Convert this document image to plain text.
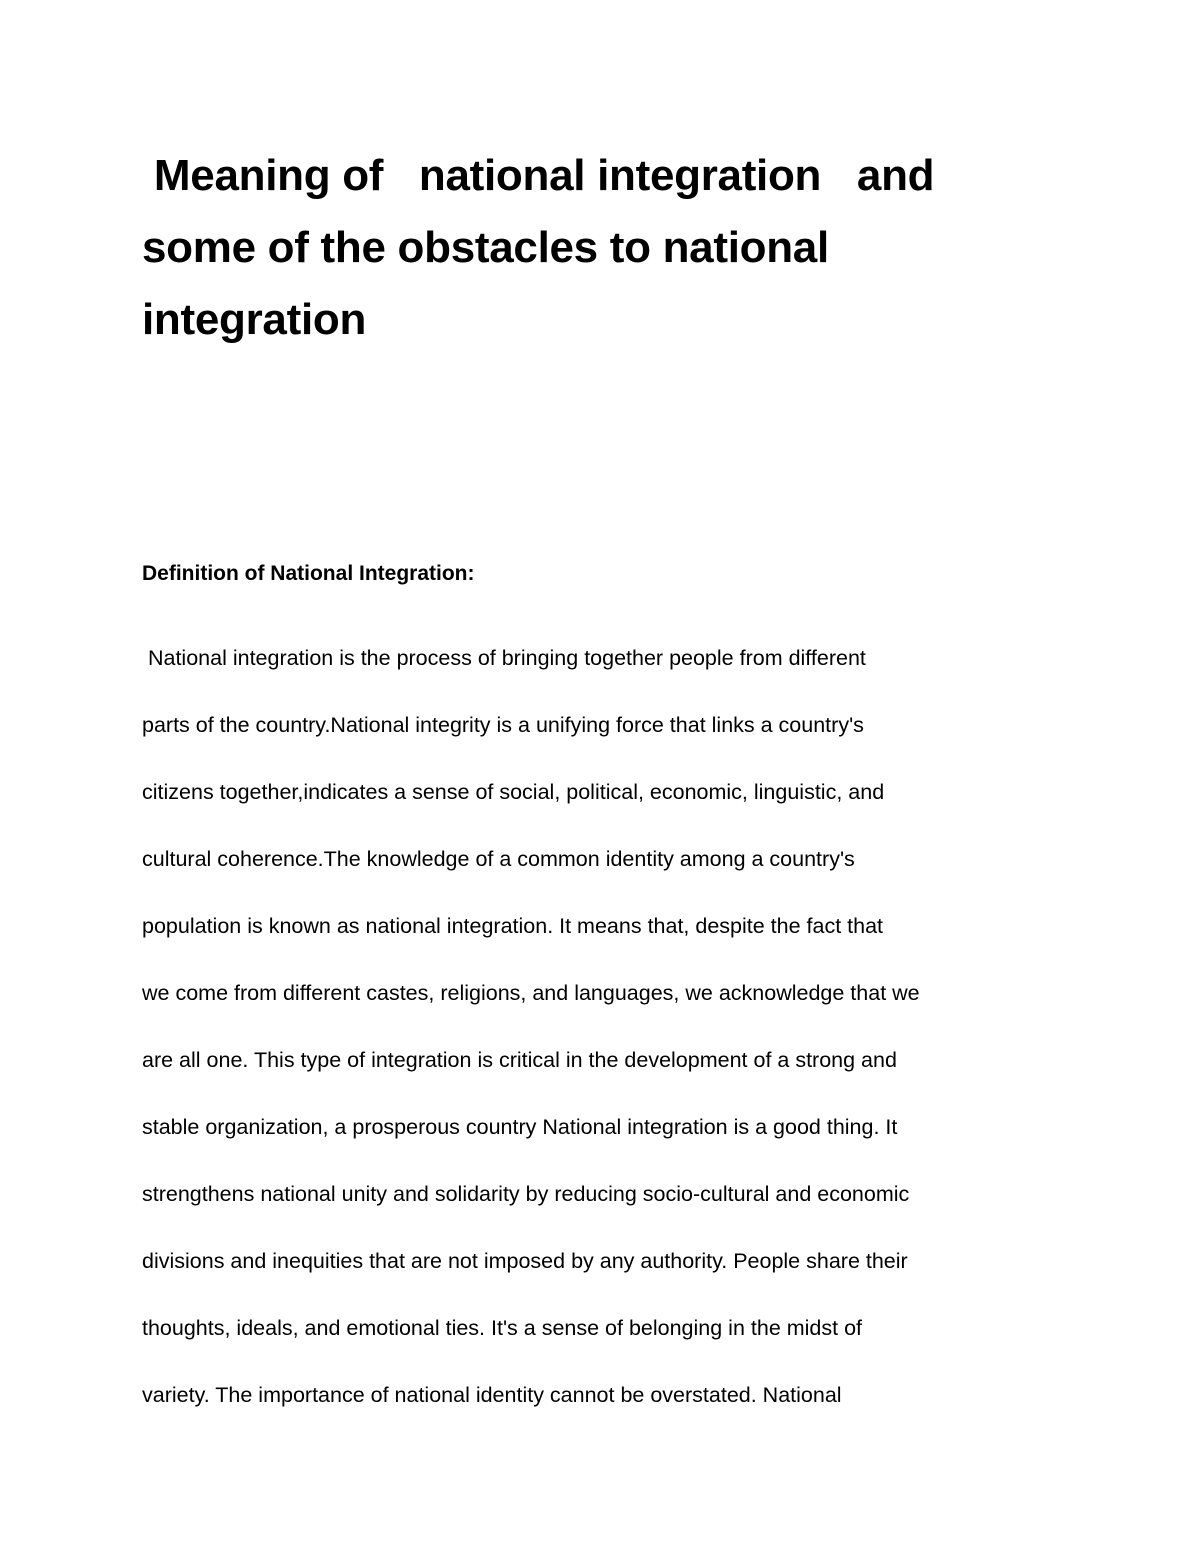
Meaning of   national integration   and
some of the obstacles to national
integration
Definition of National Integration:

National integration is the process of bringing together people from different

parts of the country.National integrity is a unifying force that links a country's

citizens together,indicates a sense of social, political, economic, linguistic, and

cultural coherence.The knowledge of a common identity among a country's

population is known as national integration. It means that, despite the fact that

we come from different castes, religions, and languages, we acknowledge that we

are all one. This type of integration is critical in the development of a strong and

stable organization, a prosperous country National integration is a good thing. It

strengthens national unity and solidarity by reducing socio-cultural and economic

divisions and inequities that are not imposed by any authority. People share their

thoughts, ideals, and emotional ties. It's a sense of belonging in the midst of

variety. The importance of national identity cannot be overstated. National
